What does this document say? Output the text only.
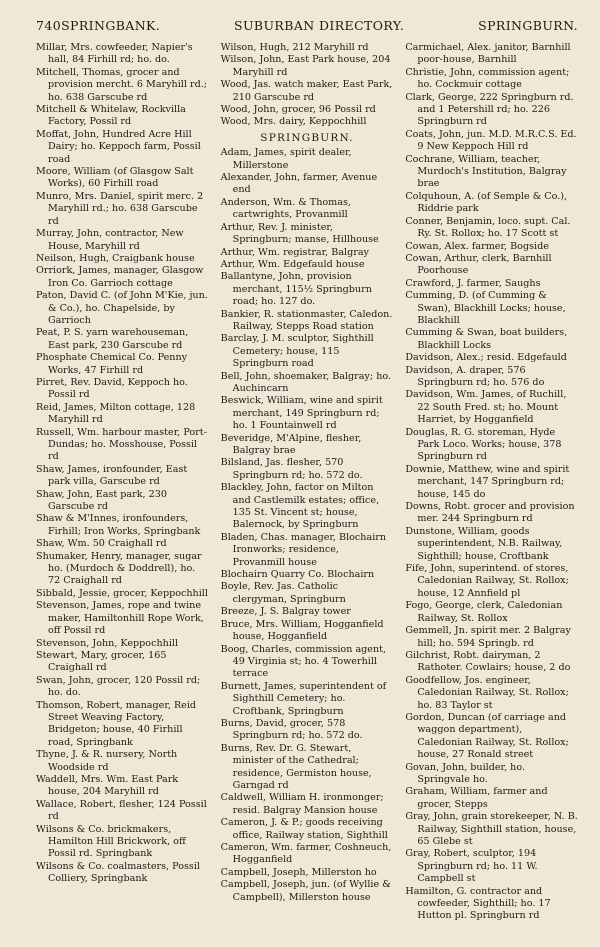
740 SPRINGBANK.	SUBURBAN DIRECTORY.	SPRINGBURN.

Millar, Mrs. cowfeeder, Napier's hall, 84 Firhill rd; ho. do.

Mitchell, Thomas, grocer and provision mercht. 6 Maryhill rd.; ho. 638 Garscube rd

Mitchell & Whitelaw, Rockvilla Factory, Possil rd

Moffat, John, Hundred Acre Hill Dairy; ho. Keppoch farm, Possil road

Moore, William (of Glasgow Salt Works), 60 Firhill road

Munro, Mrs. Daniel, spirit merc. 2 Maryhill rd.; ho. 638 Garscube rd

Murray, John, contractor, New House, Maryhill rd

Neilson, Hugh, Craigbank house

Orriork, James, manager, Glasgow Iron Co. Garrioch cottage

Paton, David C. (of John M'Kie, jun. & Co.), ho. Chapelside, by Garrioch

Peat, P. S. yarn warehouseman, East park, 230 Garscube rd

Phosphate Chemical Co. Penny Works, 47 Firhill rd

Pirret, Rev. David, Keppoch ho. Possil rd

Reid, James, Milton cottage, 128 Maryhill rd

Russell, Wm. harbour master, Port-Dundas; ho. Mosshouse, Possil rd

Shaw, James, ironfounder, East park villa, Garscube rd

Shaw, John, East park, 230 Garscube rd

Shaw & M'Innes, ironfounders, Firhill; Iron Works, Springbank

Shaw, Wm. 50 Craighall rd

Shumaker, Henry, manager, sugar ho. (Murdoch & Doddrell), ho. 72 Craighall rd

Sibbald, Jessie, grocer, Keppochhill

Stevenson, James, rope and twine maker, Hamiltonhill Rope Work, off Possil rd

Stevenson, John, Keppochhill

Stewart, Mary, grocer, 165 Craighall rd

Swan, John, grocer, 120 Possil rd; ho. do.

Thomson, Robert, manager, Reid Street Weaving Factory, Bridgeton; house, 40 Firhill road, Springbank

Thyne, J. & R. nursery, North Woodside rd

Waddell, Mrs. Wm. East Park house, 204 Maryhill rd

Wallace, Robert, flesher, 124 Possil rd

Wilsons & Co. brickmakers, Hamilton Hill Brickwork, off Possil rd. Springbank

Wilsons & Co. coalmasters, Possil Colliery, Springbank

Wilson, Hugh, 212 Maryhill rd

Wilson, John, East Park house, 204 Maryhill rd

Wood, Jas. watch maker, East Park, 210 Garscube rd

Wood, John, grocer, 96 Possil rd

Wood, Mrs. dairy, Keppochhill

SPRINGBURN.

Adam, James, spirit dealer, Millerstone

Alexander, John, farmer, Avenue end

Anderson, Wm. & Thomas, cartwrights, Provanmill

Arthur, Rev. J. minister, Springburn; manse, Hillhouse

Arthur, Wm. registrar, Balgray

Arthur, Wm. Edgefauld house

Ballantyne, John, provision merchant, 115½ Springburn road; ho. 127 do.

Bankier, R. stationmaster, Caledon. Railway, Stepps Road station

Barclay, J. M. sculptor, Sighthill Cemetery; house, 115 Springburn road

Bell, John, shoemaker, Balgray; ho. Auchincarn

Beswick, William, wine and spirit merchant, 149 Springburn rd; ho. 1 Fountainwell rd

Beveridge, M'Alpine, flesher, Balgray brae

Bilsland, Jas. flesher, 570 Springburn rd; ho. 572 do.

Blackley, John, factor on Milton and Castlemilk estates; office, 135 St. Vincent st; house, Balernock, by Springburn

Bladen, Chas. manager, Blochairn Ironworks; residence, Provanmill house

Blochairn Quarry Co. Blochairn

Boyle, Rev. Jas. Catholic clergyman, Springburn

Breeze, J. S. Balgray tower

Bruce, Mrs. William, Hogganfield house, Hogganfield

Boog, Charles, commission agent, 49 Virginia st; ho. 4 Towerhill terrace

Burnett, James, superintendent of Sighthill Cemetery; ho. Croftbank, Springburn

Burns, David, grocer, 578 Springburn rd; ho. 572 do.

Burns, Rev. Dr. G. Stewart, minister of the Cathedral; residence, Germiston house, Garngad rd

Caldwell, William H. ironmonger; resid. Balgray Mansion house

Cameron, J. & P.; goods receiving office, Railway station, Sighthill

Cameron, Wm. farmer, Coshneuch, Hogganfield

Campbell, Joseph, Millerston ho

Campbell, Joseph, jun. (of Wyllie & Campbell), Millerston house

Carmichael, Alex. janitor, Barnhill poor-house, Barnhill

Christie, John, commission agent; ho. Cockmuir cottage

Clark, George, 222 Springburn rd. and 1 Petershill rd; ho. 226 Springburn rd

Coats, John, jun. M.D. M.R.C.S. Ed. 9 New Keppoch Hill rd

Cochrane, William, teacher, Murdoch's Institution, Balgray brae

Colquhoun, A. (of Semple & Co.), Riddrie park

Conner, Benjamin, loco. supt. Cal. Ry. St. Rollox; ho. 17 Scott st

Cowan, Alex. farmer, Bogside

Cowan, Arthur, clerk, Barnhill Poorhouse

Crawford, J. farmer, Saughs

Cumming, D. (of Cumming & Swan), Blackhill Locks; house, Blackhill

Cumming & Swan, boat builders, Blackhill Locks

Davidson, Alex.; resid. Edgefauld

Davidson, A. draper, 576 Springburn rd; ho. 576 do

Davidson, Wm. James, of Ruchill, 22 South Fred. st; ho. Mount Harriet, by Hogganfield

Douglas, R. G. storeman, Hyde Park Loco. Works; house, 378 Springburn rd

Downie, Matthew, wine and spirit merchant, 147 Springburn rd; house, 145 do

Downs, Robt. grocer and provision mer. 244 Springburn rd

Dunstone, William, goods superintendent, N.B. Railway, Sighthill; house, Croftbank

Fife, John, superintend. of stores, Caledonian Railway, St. Rollox; house, 12 Annfield pl

Fogo, George, clerk, Caledonian Railway, St. Rollox

Gemmell, Jn. spirit mer. 2 Balgray hill; ho. 594 Springb. rd

Gilchrist, Robt. dairyman, 2 Rathoter. Cowlairs; house, 2 do

Goodfellow, Jos. engineer, Caledonian Railway, St. Rollox; ho. 83 Taylor st

Gordon, Duncan (of carriage and waggon department), Caledonian Railway, St. Rollox; house, 27 Ronald street

Govan, John, builder, ho. Springvale ho.

Graham, William, farmer and grocer, Stepps

Gray, John, grain storekeeper, N. B. Railway, Sighthill station, house, 65 Glebe st

Gray, Robert, sculptor, 194 Springburn rd; ho. 11 W. Campbell st

Hamilton, G. contractor and cowfeeder, Sighthill; ho. 17 Hutton pl. Springburn rd
